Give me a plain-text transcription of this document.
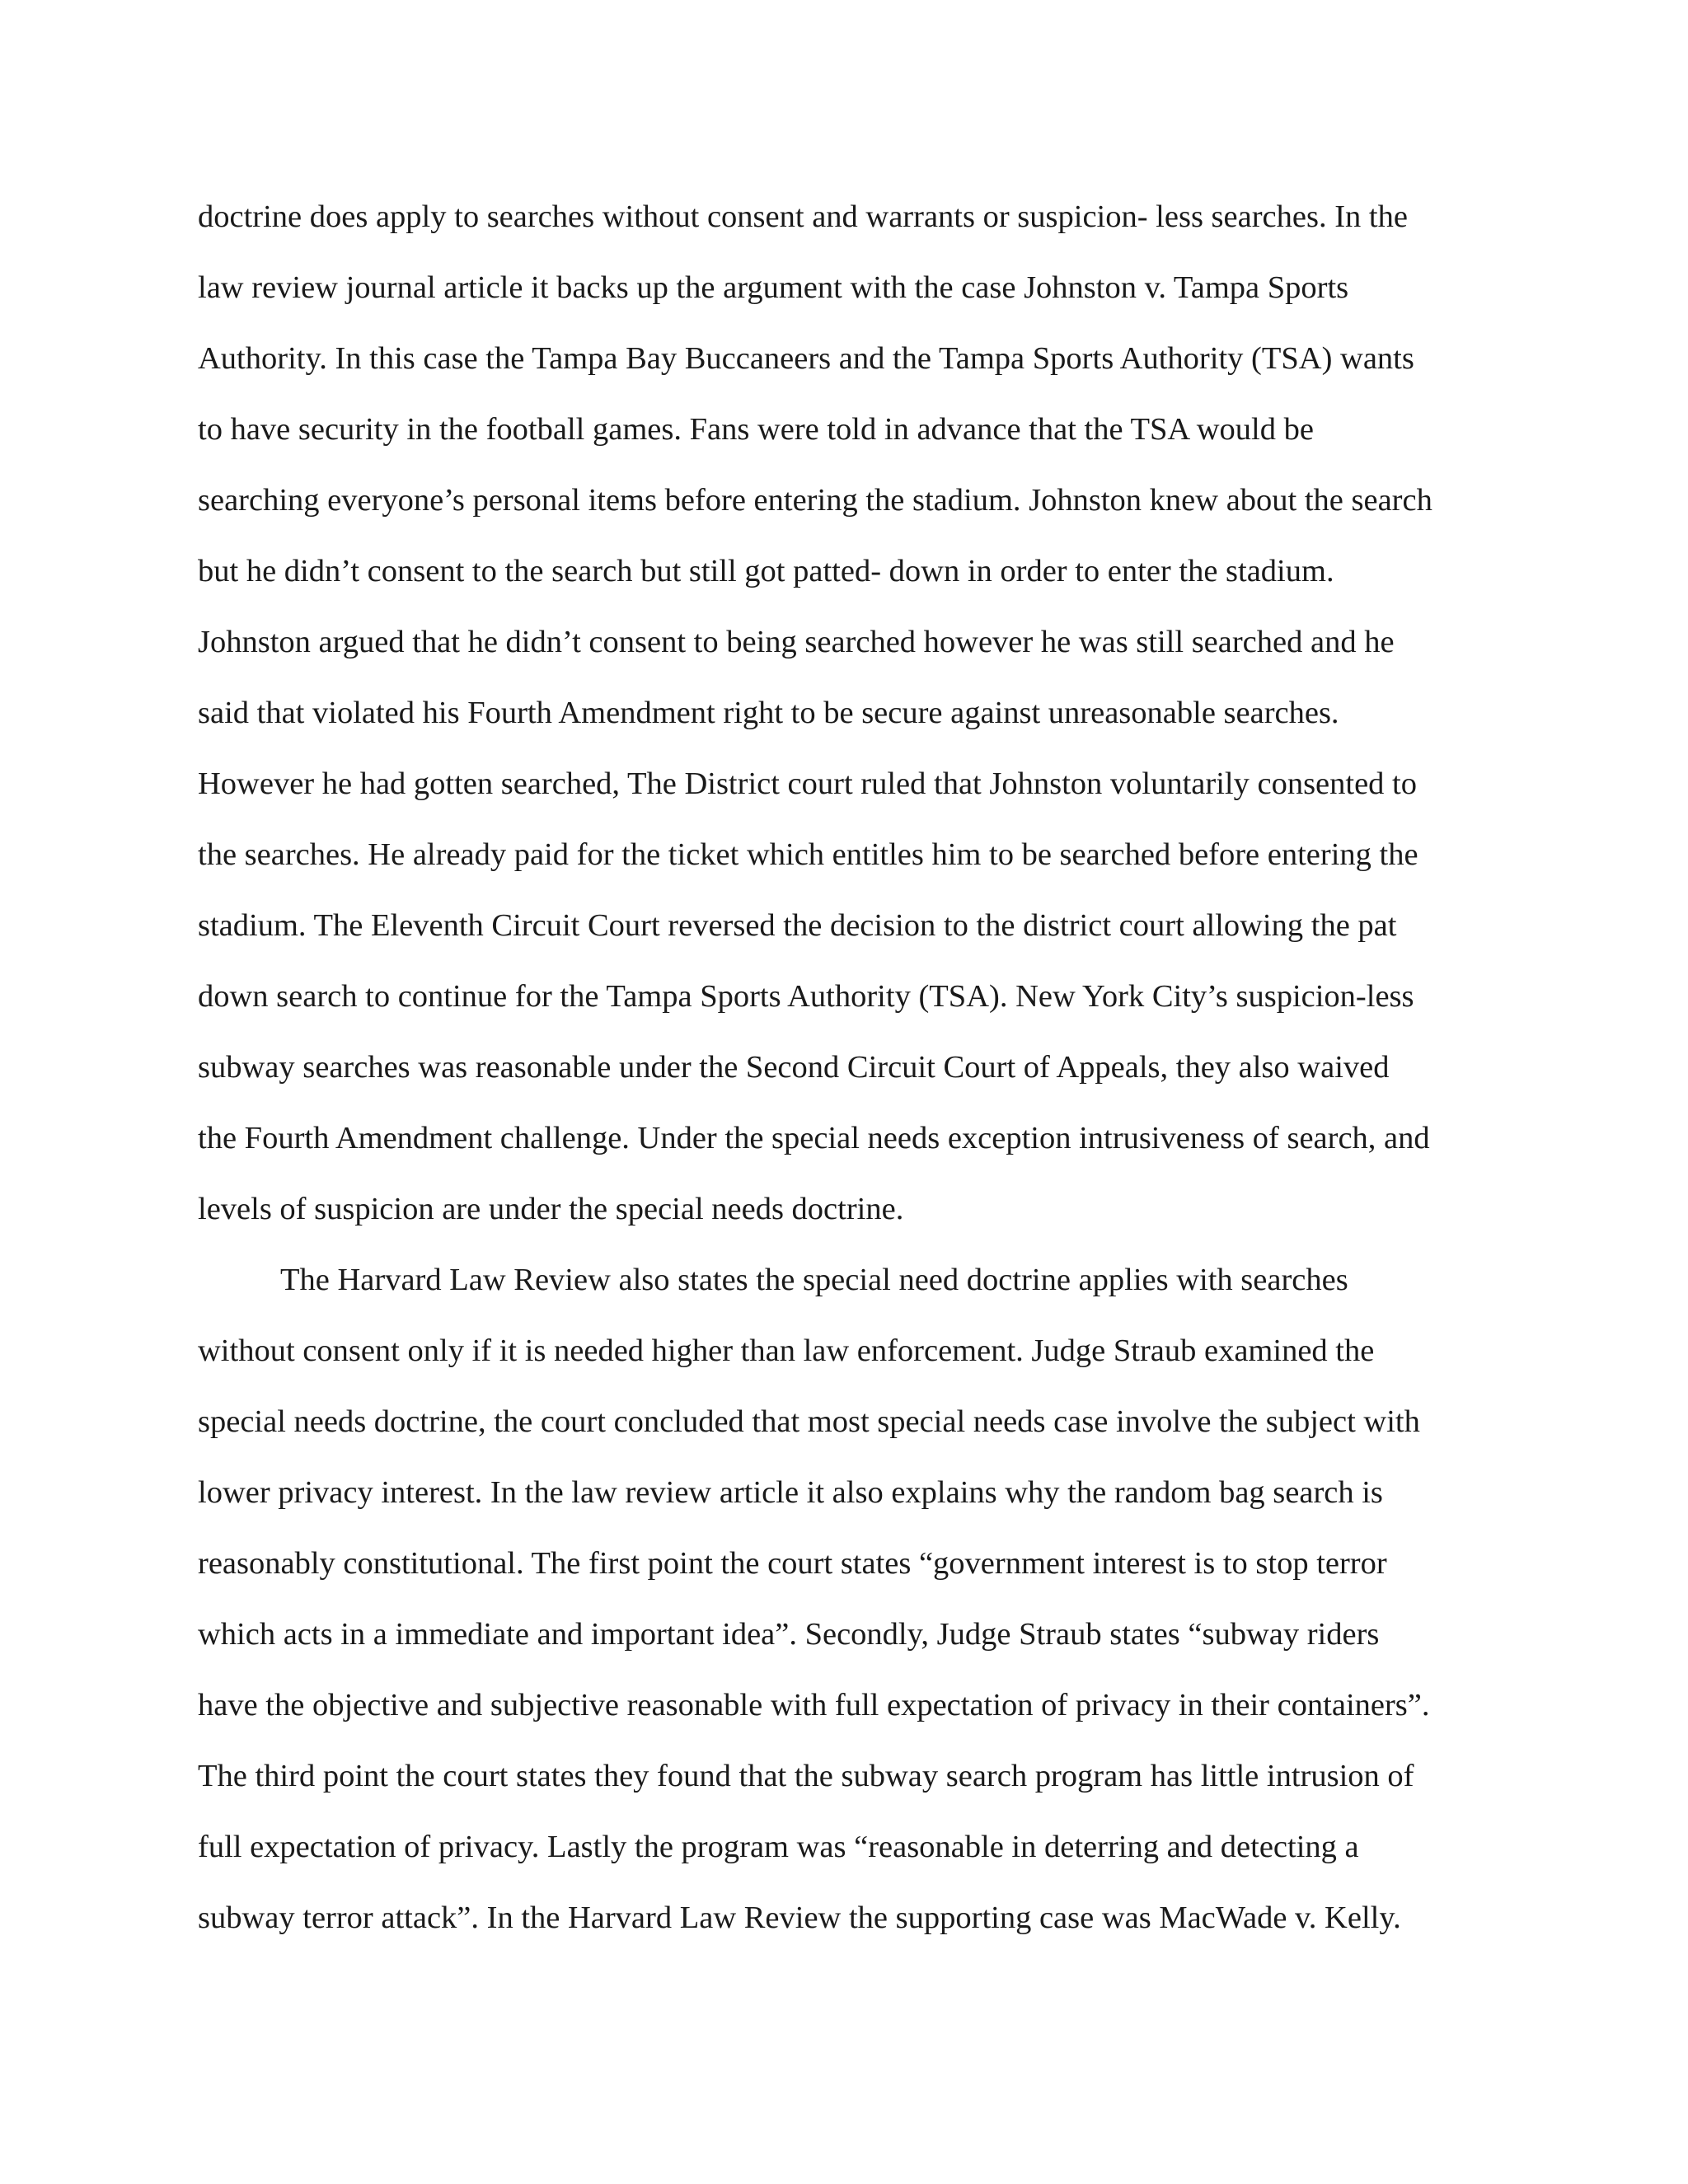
doctrine does apply to searches without consent and warrants or suspicion- less searches. In the
law review journal article it backs up the argument with the case Johnston v. Tampa Sports
Authority. In this case the Tampa Bay Buccaneers and the Tampa Sports Authority (TSA) wants
to have security in the football games. Fans were told in advance that the TSA would be
searching everyone’s personal items before entering the stadium. Johnston knew about the search
but he didn’t consent to the search but still got patted- down in order to enter the stadium.
Johnston argued that he didn’t consent to being searched however he was still searched and he
said that violated his Fourth Amendment right to be secure against unreasonable searches.
However he had gotten searched, The District court ruled that Johnston voluntarily consented to
the searches. He already paid for the ticket which entitles him to be searched before entering the
stadium. The Eleventh Circuit Court reversed the decision to the district court allowing the pat
down search to continue for the Tampa Sports Authority (TSA). New York City’s suspicion-less
subway searches was reasonable under the Second Circuit Court of Appeals, they also waived
the Fourth Amendment challenge. Under the special needs exception intrusiveness of search, and
levels of suspicion are under the special needs doctrine.
The Harvard Law Review also states the special need doctrine applies with searches
without consent only if it is needed higher than law enforcement. Judge Straub examined the
special needs doctrine, the court concluded that most special needs case involve the subject with
lower privacy interest. In the law review article it also explains why the random bag search is
reasonably constitutional. The first point the court states “government interest is to stop terror
which acts in a immediate and important idea”. Secondly, Judge Straub states “subway riders
have the objective and subjective reasonable with full expectation of privacy in their containers”.
The third point the court states they found that the subway search program has little intrusion of
full expectation of privacy. Lastly the program was “reasonable in deterring and detecting a
subway terror attack”. In the Harvard Law Review the supporting case was MacWade v. Kelly.
